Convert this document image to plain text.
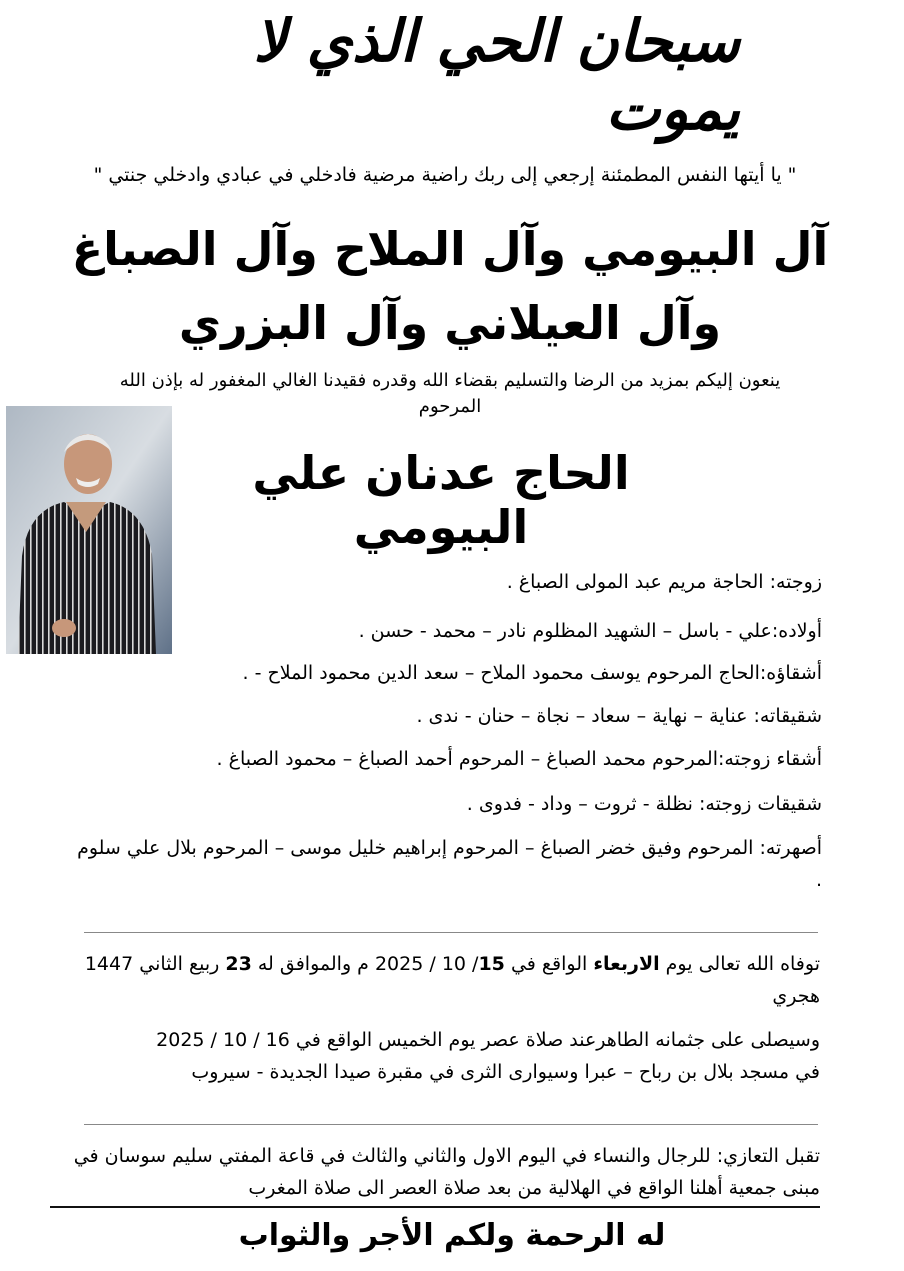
سبحان الحي الذي لا يموت
" يا أيتها النفس المطمئنة إرجعي إلى ربك راضية مرضية فادخلي في عبادي وادخلي جنتي "
آل البيومي وآل الملاح وآل الصباغ
وآل العيلاني وآل البزري
ينعون إليكم بمزيد من الرضا والتسليم بقضاء الله وقدره فقيدنا الغالي المغفور له بإذن الله
المرحوم
الحاج عدنان علي البيومي
زوجته: الحاجة مريم عبد المولى الصباغ .
أولاده:علي - باسل – الشهيد المظلوم نادر – محمد - حسن .
أشقاؤه:الحاج المرحوم يوسف محمود الملاح – سعد الدين محمود الملاح - .
شقيقاته: عناية – نهاية – سعاد – نجاة – حنان - ندى .
أشقاء زوجته:المرحوم محمد الصباغ – المرحوم أحمد الصباغ – محمود الصباغ .
شقيقات زوجته: نظلة - ثروت – وداد - فدوى .
أصهرته: المرحوم وفيق خضر الصباغ – المرحوم إبراهيم خليل موسى – المرحوم بلال علي سلوم .
توفاه الله تعالى يوم الاربعاء الواقع في 15/ 10 / 2025 م والموافق له 23 ربيع الثاني 1447 هجري
وسيصلى على جثمانه الطاهرعند صلاة عصر يوم الخميس الواقع في 16 / 10 / 2025
في مسجد بلال بن رباح – عبرا وسيوارى الثرى في مقبرة صيدا الجديدة - سيروب
تقبل التعازي: للرجال والنساء في اليوم الاول والثاني والثالث في قاعة المفتي سليم سوسان في مبنى جمعية أهلنا الواقع في الهلالية من بعد صلاة العصر الى صلاة المغرب
له الرحمة ولكم الأجر والثواب
